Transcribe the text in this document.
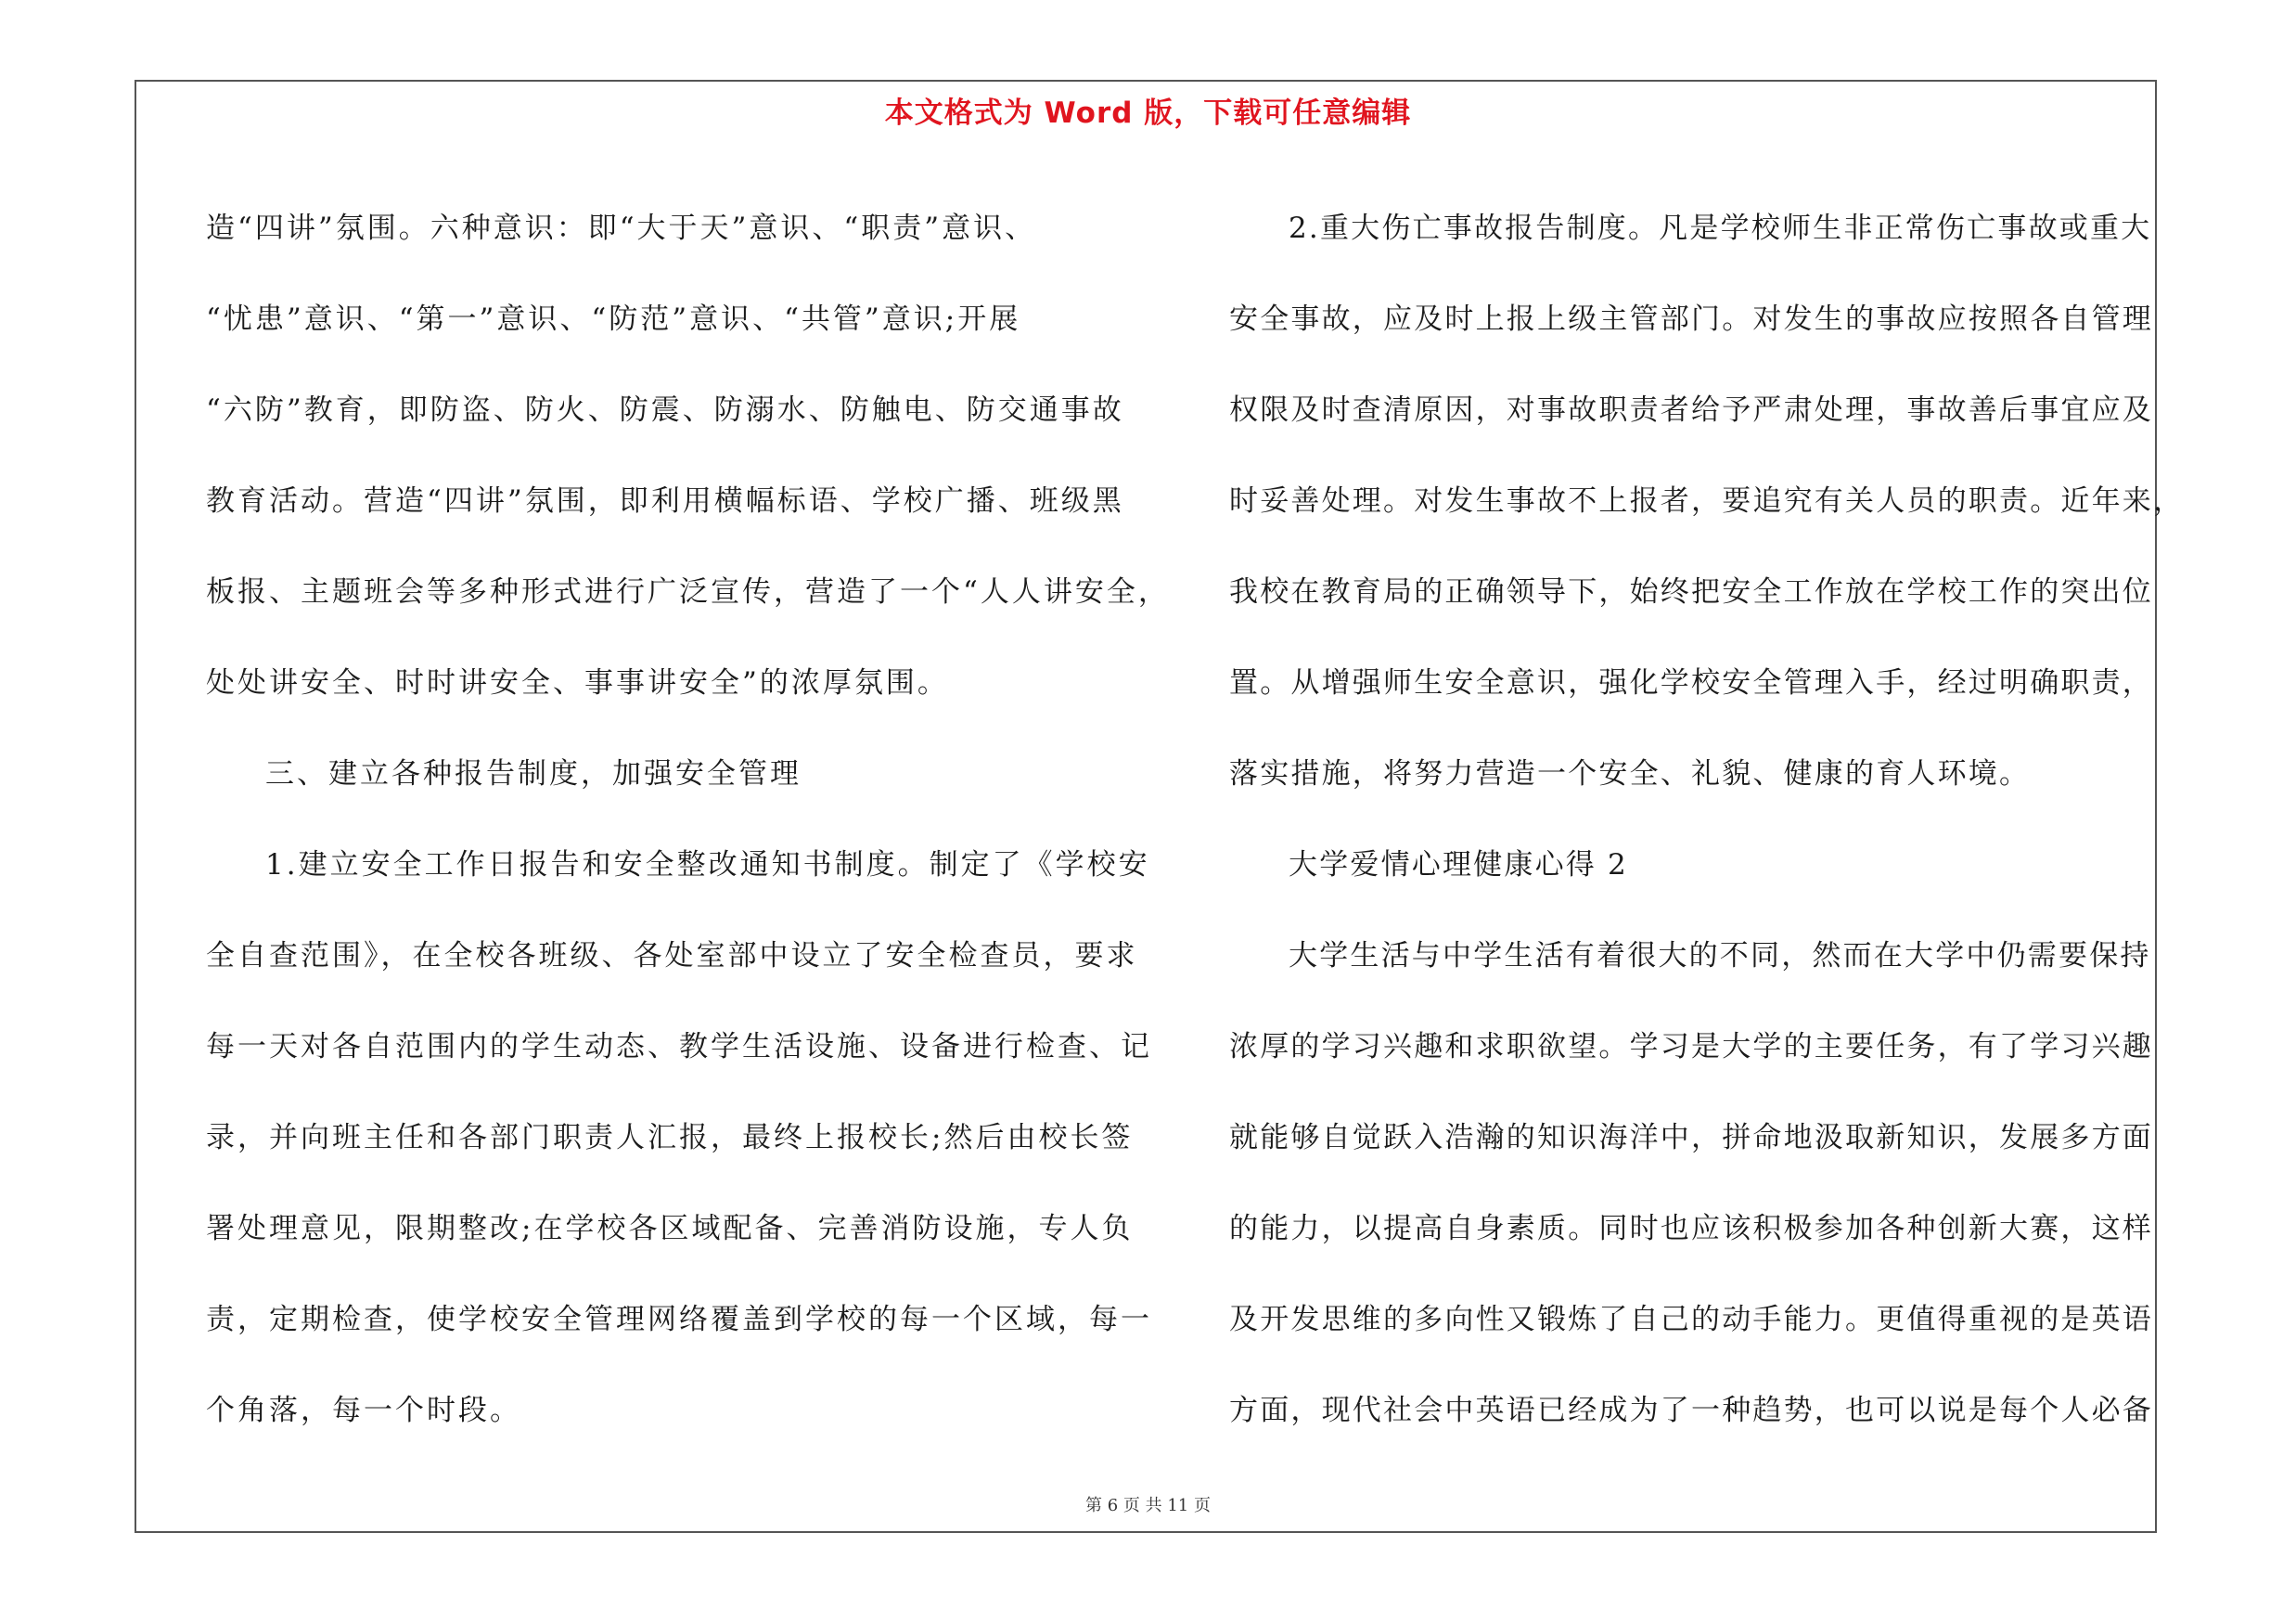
本文格式为 Word 版，下载可任意编辑
造“四讲”氛围。六种意识：即“大于天”意识、“职责”意识、
“忧患”意识、“第一”意识、“防范”意识、“共管”意识;开展
“六防”教育，即防盗、防火、防震、防溺水、防触电、防交通事故
教育活动。营造“四讲”氛围，即利用横幅标语、学校广播、班级黑
板报、主题班会等多种形式进行广泛宣传，营造了一个“人人讲安全，
处处讲安全、时时讲安全、事事讲安全”的浓厚氛围。
三、建立各种报告制度，加强安全管理
1.建立安全工作日报告和安全整改通知书制度。制定了《学校安
全自查范围》，在全校各班级、各处室部中设立了安全检查员，要求
每一天对各自范围内的学生动态、教学生活设施、设备进行检查、记
录，并向班主任和各部门职责人汇报，最终上报校长;然后由校长签
署处理意见，限期整改;在学校各区域配备、完善消防设施，专人负
责，定期检查，使学校安全管理网络覆盖到学校的每一个区域，每一
个角落，每一个时段。
2.重大伤亡事故报告制度。凡是学校师生非正常伤亡事故或重大
安全事故，应及时上报上级主管部门。对发生的事故应按照各自管理
权限及时查清原因，对事故职责者给予严肃处理，事故善后事宜应及
时妥善处理。对发生事故不上报者，要追究有关人员的职责。近年来，
我校在教育局的正确领导下，始终把安全工作放在学校工作的突出位
置。从增强师生安全意识，强化学校安全管理入手，经过明确职责，
落实措施，将努力营造一个安全、礼貌、健康的育人环境。
大学爱情心理健康心得 2
大学生活与中学生活有着很大的不同，然而在大学中仍需要保持
浓厚的学习兴趣和求职欲望。学习是大学的主要任务，有了学习兴趣
就能够自觉跃入浩瀚的知识海洋中，拼命地汲取新知识，发展多方面
的能力，以提高自身素质。同时也应该积极参加各种创新大赛，这样
及开发思维的多向性又锻炼了自己的动手能力。更值得重视的是英语
方面，现代社会中英语已经成为了一种趋势，也可以说是每个人必备
第 6 页 共 11 页
